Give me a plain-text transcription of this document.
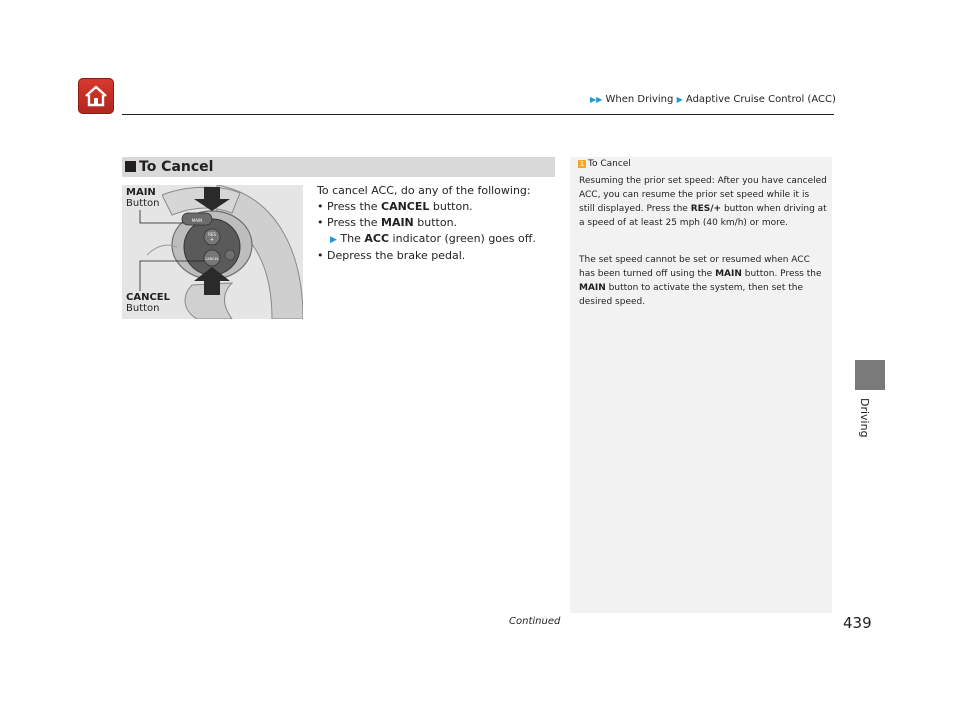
▶▶ When Driving ▶ Adaptive Cruise Control (ACC)
To Cancel
MAIN
RES
+
CANCEL
MAIN
Button
CANCEL
Button
To cancel ACC, do any of the following:
• Press the CANCEL button.
• Press the MAIN button.
▶ The ACC indicator (green) goes off.
• Depress the brake pedal.
1 To Cancel
Resuming the prior set speed: After you have canceled ACC, you can resume the prior set speed while it is still displayed. Press the RES/+ button when driving at a speed of at least 25 mph (40 km/h) or more.
The set speed cannot be set or resumed when ACC has been turned off using the MAIN button. Press the MAIN button to activate the system, then set the desired speed.
Driving
Continued	439
